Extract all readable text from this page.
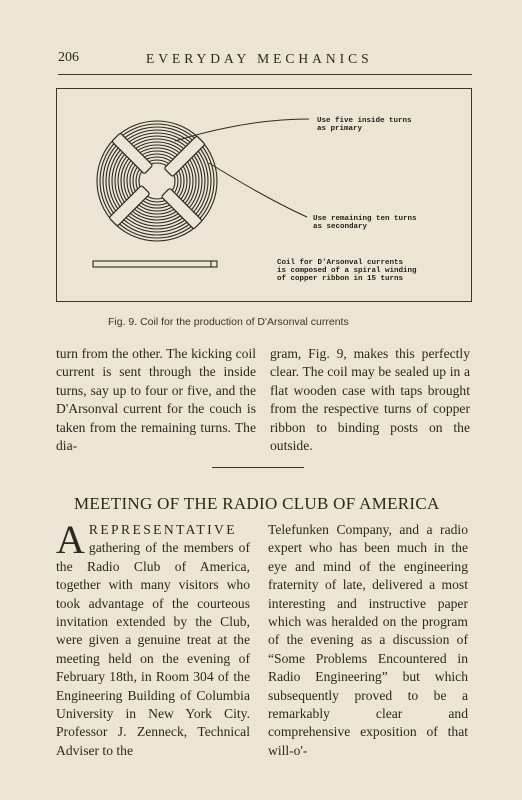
206	EVERYDAY MECHANICS
Use five inside turns
as primary
Use remaining ten turns
as secondary
Coil for D'Arsonval currents
is composed of a spiral winding
of copper ribbon in 15 turns
Fig. 9. Coil for the production of D'Arsonval currents
turn from the other. The kicking coil current is sent through the inside turns, say up to four or five, and the D'Arsonval current for the couch is taken from the remaining turns. The dia-
gram, Fig. 9, makes this perfectly clear. The coil may be sealed up in a flat wooden case with taps brought from the respective turns of copper ribbon to binding posts on the outside.
MEETING OF THE RADIO CLUB OF AMERICA
A REPRESENTATIVE gathering of the members of the Radio Club of America, together with many visitors who took advantage of the courteous invitation extended by the Club, were given a genuine treat at the meeting held on the evening of February 18th, in Room 304 of the Engineering Building of Columbia University in New York City. Professor J. Zenneck, Technical Adviser to the
Telefunken Company, and a radio expert who has been much in the eye and mind of the engineering fraternity of late, delivered a most interesting and instructive paper which was heralded on the program of the evening as a discussion of “Some Problems Encountered in Radio Engineering” but which subsequently proved to be a remarkably clear and comprehensive exposition of that will-o'-
